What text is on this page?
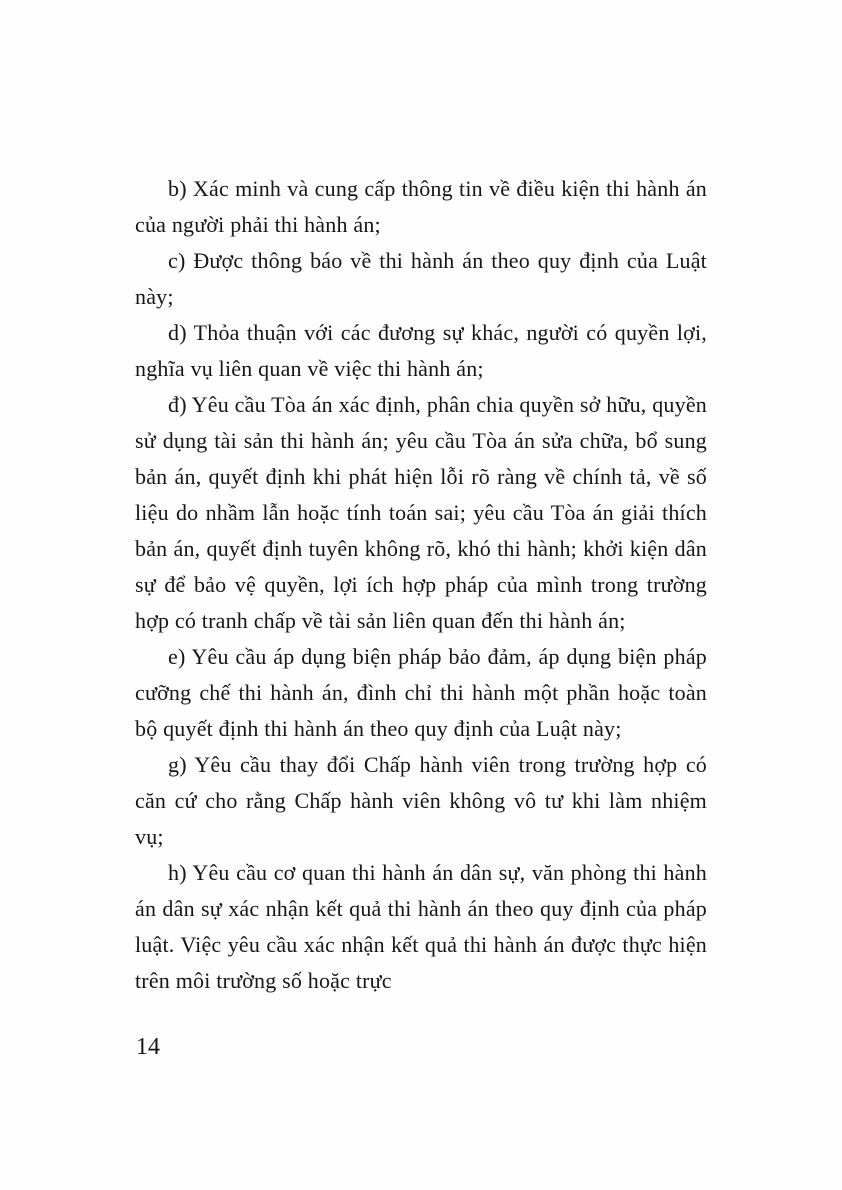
b) Xác minh và cung cấp thông tin về điều kiện thi hành án của người phải thi hành án;

c) Được thông báo về thi hành án theo quy định của Luật này;

d) Thỏa thuận với các đương sự khác, người có quyền lợi, nghĩa vụ liên quan về việc thi hành án;

đ) Yêu cầu Tòa án xác định, phân chia quyền sở hữu, quyền sử dụng tài sản thi hành án; yêu cầu Tòa án sửa chữa, bổ sung bản án, quyết định khi phát hiện lỗi rõ ràng về chính tả, về số liệu do nhầm lẫn hoặc tính toán sai; yêu cầu Tòa án giải thích bản án, quyết định tuyên không rõ, khó thi hành; khởi kiện dân sự để bảo vệ quyền, lợi ích hợp pháp của mình trong trường hợp có tranh chấp về tài sản liên quan đến thi hành án;

e) Yêu cầu áp dụng biện pháp bảo đảm, áp dụng biện pháp cưỡng chế thi hành án, đình chỉ thi hành một phần hoặc toàn bộ quyết định thi hành án theo quy định của Luật này;

g) Yêu cầu thay đổi Chấp hành viên trong trường hợp có căn cứ cho rằng Chấp hành viên không vô tư khi làm nhiệm vụ;

h) Yêu cầu cơ quan thi hành án dân sự, văn phòng thi hành án dân sự xác nhận kết quả thi hành án theo quy định của pháp luật. Việc yêu cầu xác nhận kết quả thi hành án được thực hiện trên môi trường số hoặc trực

14
